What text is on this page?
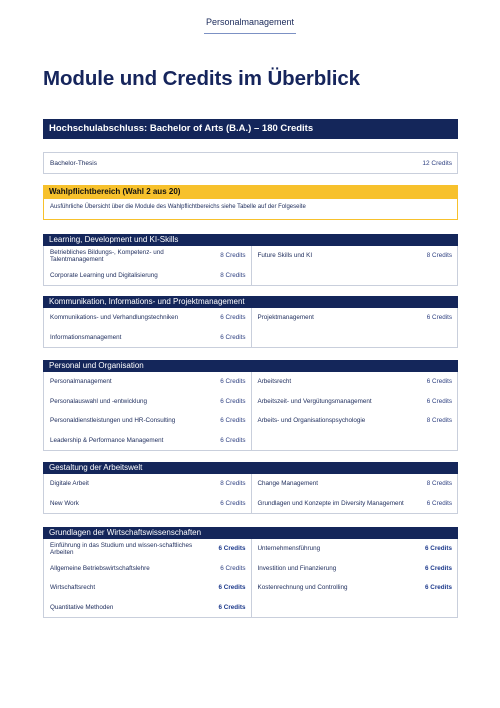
Personalmanagement
Module und Credits im Überblick
Hochschulabschluss: Bachelor of Arts (B.A.) – 180 Credits
Bachelor-Thesis	12 Credits
Wahlpflichtbereich (Wahl 2 aus 20)
Ausführliche Übersicht über die Module des Wahlpflichtbereichs siehe Tabelle auf der Folgeseite
Learning, Development und KI-Skills
Betriebliches Bildungs-, Kompetenz- und Talentmanagement	8 Credits
Corporate Learning und Digitalisierung	8 Credits
Future Skills und KI	8 Credits
Kommunikation, Informations- und Projektmanagement
Kommunikations- und Verhandlungstechniken	6 Credits
Informationsmanagement	6 Credits
Projektmanagement	6 Credits
Personal und Organisation
Personalmanagement	6 Credits
Personalauswahl und -entwicklung	6 Credits
Personaldienstleistungen und HR-Consulting	6 Credits
Leadership & Performance Management	6 Credits
Arbeitsrecht	6 Credits
Arbeitszeit- und Vergütungsmanagement	6 Credits
Arbeits- und Organisationspsychologie	8 Credits
Gestaltung der Arbeitswelt
Digitale Arbeit	8 Credits
New Work	6 Credits
Change Management	8 Credits
Grundlagen und Konzepte im Diversity Management	6 Credits
Grundlagen der Wirtschaftswissenschaften
Einführung in das Studium und wissen-schaftliches Arbeiten	6 Credits
Allgemeine Betriebswirtschaftslehre	6 Credits
Wirtschaftsrecht	6 Credits
Quantitative Methoden	6 Credits
Unternehmensführung	6 Credits
Investition und Finanzierung	6 Credits
Kostenrechnung und Controlling	6 Credits
